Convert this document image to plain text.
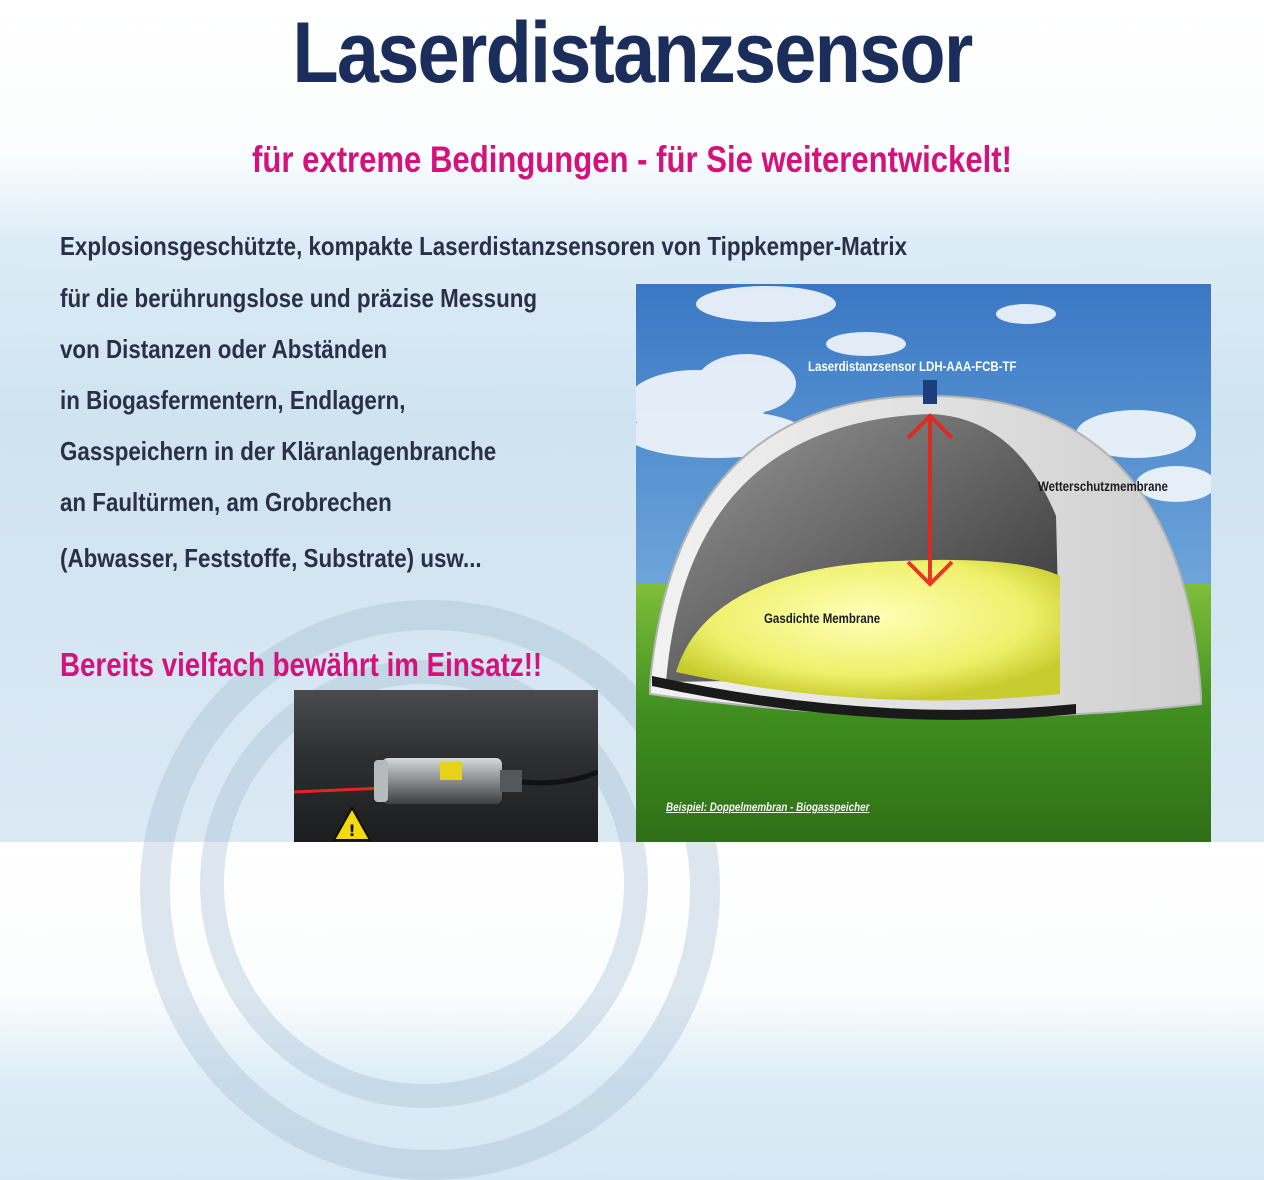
Laserdistanzsensor
für extreme Bedingungen - für Sie weiterentwickelt!
Explosionsgeschützte, kompakte Laserdistanzsensoren von Tippkemper-Matrix
für die berührungslose und präzise Messung
von Distanzen oder Abständen
in Biogasfermentern, Endlagern,
Gasspeichern in der Kläranlagenbranche
an Faultürmen, am Grobrechen
(Abwasser, Feststoffe, Substrate) usw...
Bereits vielfach bewährt im Einsatz!!
!
Laserdistanzsensor LDH-AAA-FCB-TF
Wetterschutzmembrane
Gasdichte Membrane
Beispiel: Doppelmembran - Biogasspeicher
